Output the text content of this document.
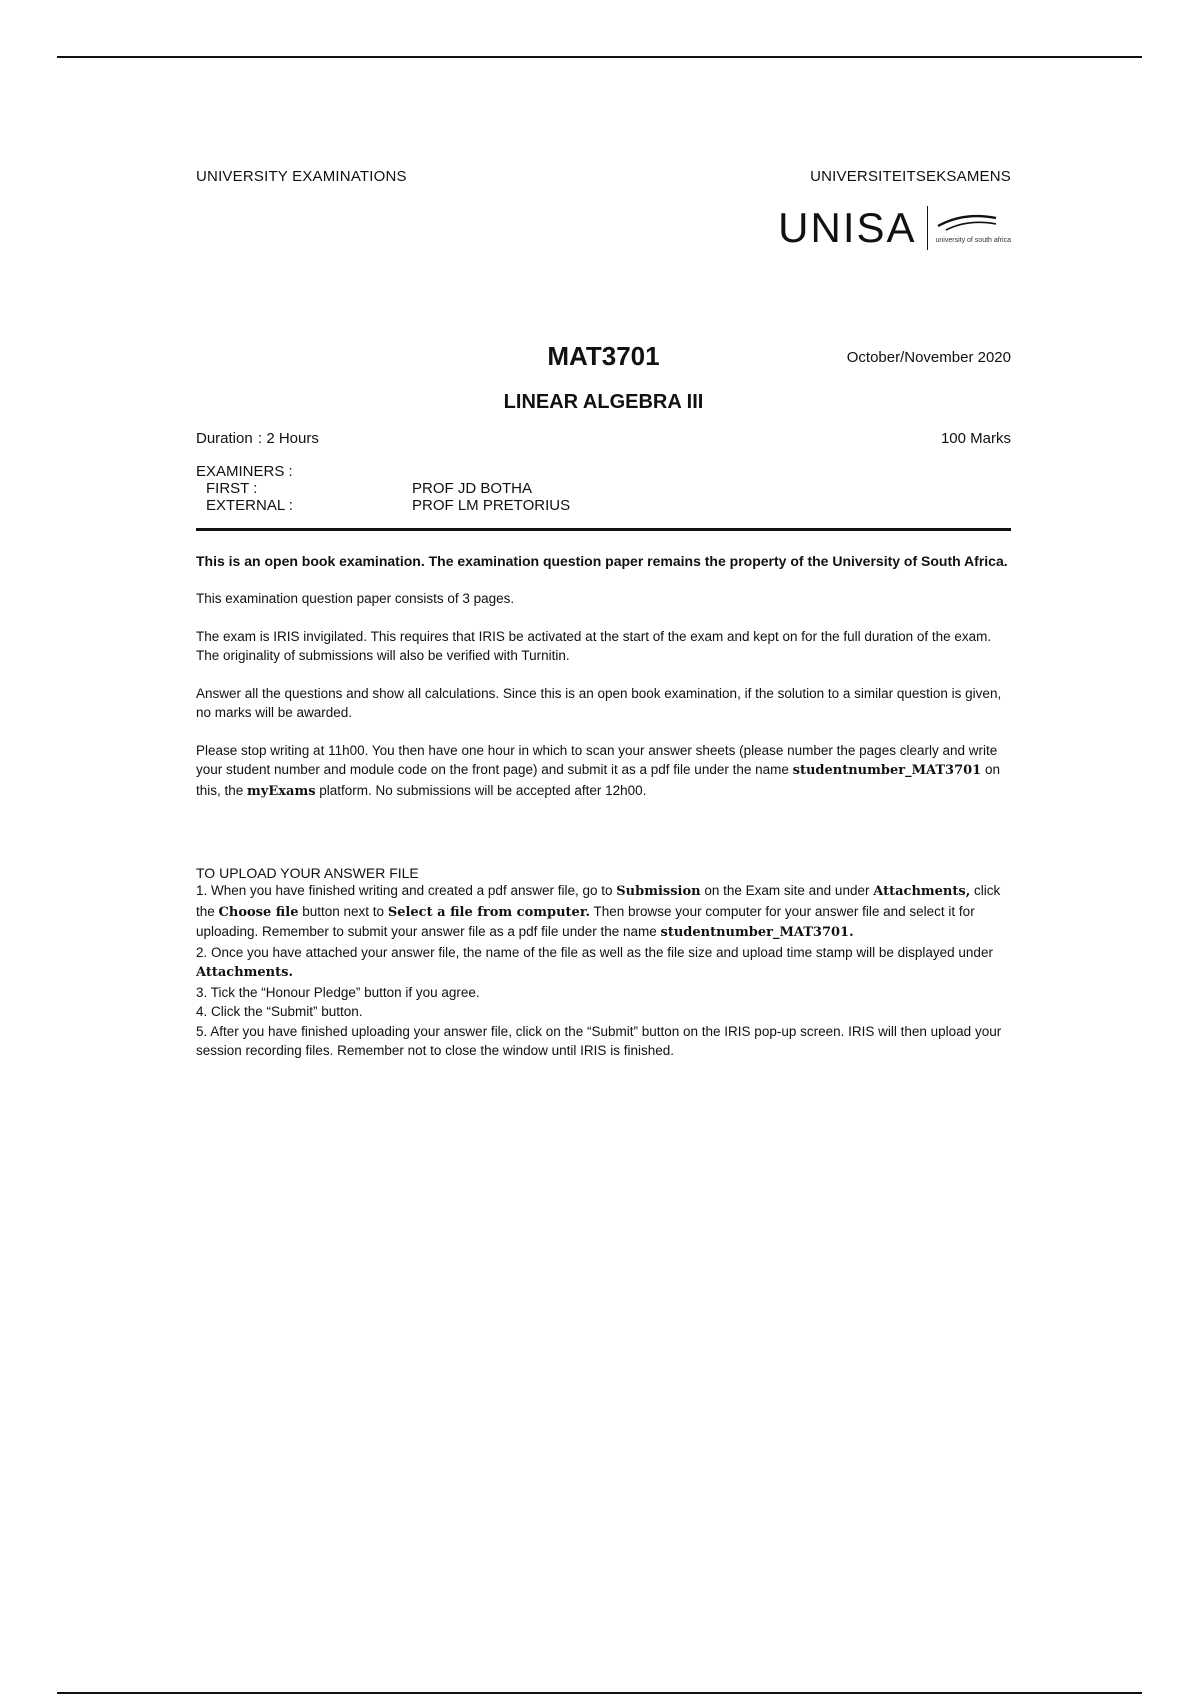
UNIVERSITY EXAMINATIONS	UNIVERSITEITSEKSAMENS
UNISA	university of south africa
MAT3701	October/November 2020
LINEAR ALGEBRA III
Duration : 2 Hours	100 Marks
EXAMINERS :
FIRST :	PROF JD BOTHA
EXTERNAL :	PROF LM PRETORIUS
This is an open book examination. The examination question paper remains the property of the University of South Africa.
This examination question paper consists of 3 pages.
The exam is IRIS invigilated. This requires that IRIS be activated at the start of the exam and kept on for the full duration of the exam. The originality of submissions will also be verified with Turnitin.
Answer all the questions and show all calculations. Since this is an open book examination, if the solution to a similar question is given, no marks will be awarded.
Please stop writing at 11h00. You then have one hour in which to scan your answer sheets (please number the pages clearly and write your student number and module code on the front page) and submit it as a pdf file under the name studentnumber_MAT3701 on this, the myExams platform. No submissions will be accepted after 12h00.
TO UPLOAD YOUR ANSWER FILE
1. When you have finished writing and created a pdf answer file, go to Submission on the Exam site and under Attachments, click the Choose file button next to Select a file from computer. Then browse your computer for your answer file and select it for uploading. Remember to submit your answer file as a pdf file under the name studentnumber_MAT3701.
2. Once you have attached your answer file, the name of the file as well as the file size and upload time stamp will be displayed under Attachments.
3. Tick the “Honour Pledge” button if you agree.
4. Click the “Submit” button.
5. After you have finished uploading your answer file, click on the “Submit” button on the IRIS pop-up screen. IRIS will then upload your session recording files. Remember not to close the window until IRIS is finished.
